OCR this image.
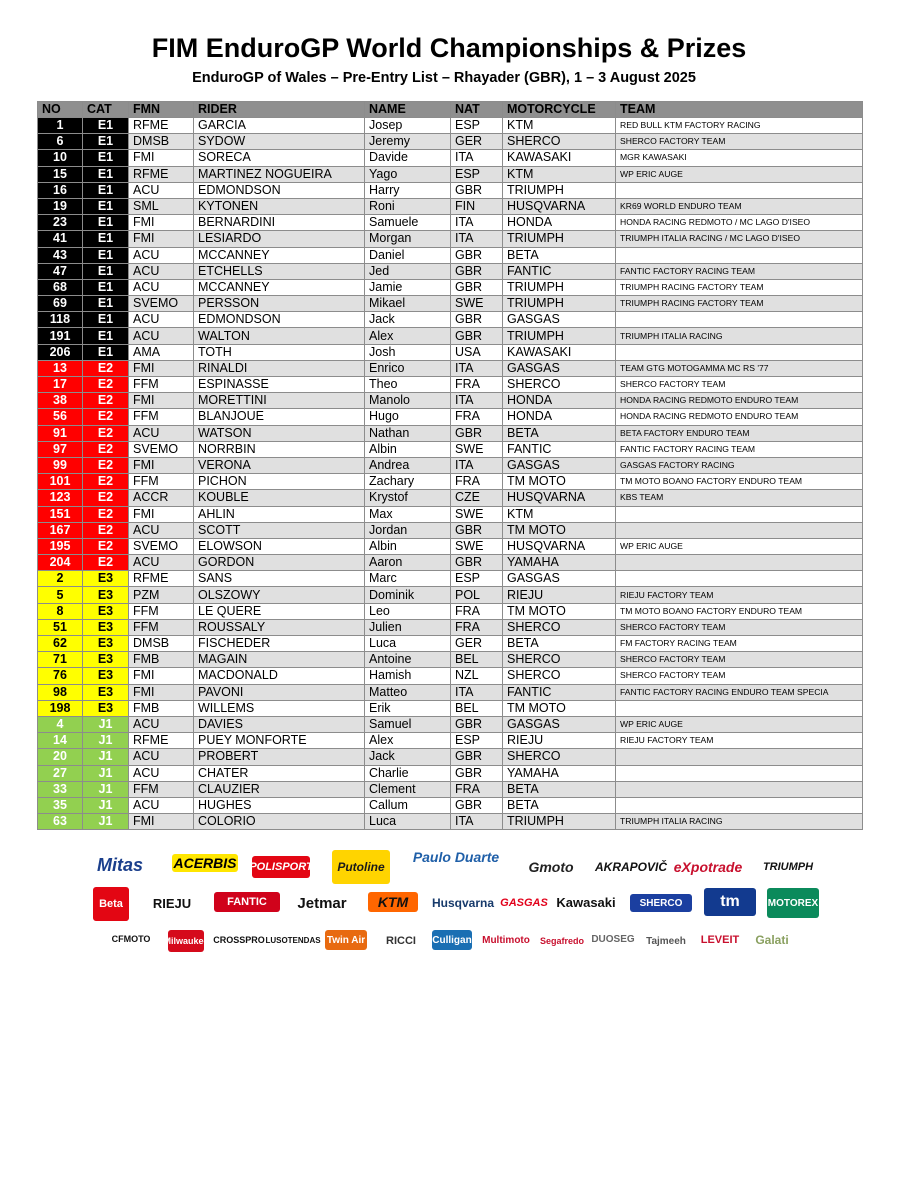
FIM EnduroGP World Championships & Prizes
EnduroGP of Wales – Pre-Entry List – Rhayader (GBR), 1 – 3 August 2025
NO	CAT	FMN	RIDER	NAME	NAT	MOTORCYCLE	TEAM
1	E1	RFME	GARCIA	Josep	ESP	KTM	RED BULL KTM FACTORY RACING
6	E1	DMSB	SYDOW	Jeremy	GER	SHERCO	SHERCO FACTORY TEAM
10	E1	FMI	SORECA	Davide	ITA	KAWASAKI	MGR KAWASAKI
15	E1	RFME	MARTINEZ NOGUEIRA	Yago	ESP	KTM	WP ERIC AUGE
16	E1	ACU	EDMONDSON	Harry	GBR	TRIUMPH	
19	E1	SML	KYTONEN	Roni	FIN	HUSQVARNA	KR69 WORLD ENDURO TEAM
23	E1	FMI	BERNARDINI	Samuele	ITA	HONDA	HONDA RACING REDMOTO / MC LAGO D'ISEO
41	E1	FMI	LESIARDO	Morgan	ITA	TRIUMPH	TRIUMPH ITALIA RACING / MC LAGO D'ISEO
43	E1	ACU	MCCANNEY	Daniel	GBR	BETA	
47	E1	ACU	ETCHELLS	Jed	GBR	FANTIC	FANTIC FACTORY RACING TEAM
68	E1	ACU	MCCANNEY	Jamie	GBR	TRIUMPH	TRIUMPH RACING FACTORY TEAM
69	E1	SVEMO	PERSSON	Mikael	SWE	TRIUMPH	TRIUMPH RACING FACTORY TEAM
118	E1	ACU	EDMONDSON	Jack	GBR	GASGAS	
191	E1	ACU	WALTON	Alex	GBR	TRIUMPH	TRIUMPH ITALIA RACING
206	E1	AMA	TOTH	Josh	USA	KAWASAKI	
13	E2	FMI	RINALDI	Enrico	ITA	GASGAS	TEAM GTG MOTOGAMMA MC RS '77
17	E2	FFM	ESPINASSE	Theo	FRA	SHERCO	SHERCO FACTORY TEAM
38	E2	FMI	MORETTINI	Manolo	ITA	HONDA	HONDA RACING REDMOTO ENDURO TEAM
56	E2	FFM	BLANJOUE	Hugo	FRA	HONDA	HONDA RACING REDMOTO ENDURO TEAM
91	E2	ACU	WATSON	Nathan	GBR	BETA	BETA FACTORY ENDURO TEAM
97	E2	SVEMO	NORRBIN	Albin	SWE	FANTIC	FANTIC FACTORY RACING TEAM
99	E2	FMI	VERONA	Andrea	ITA	GASGAS	GASGAS FACTORY RACING
101	E2	FFM	PICHON	Zachary	FRA	TM MOTO	TM MOTO BOANO FACTORY ENDURO TEAM
123	E2	ACCR	KOUBLE	Krystof	CZE	HUSQVARNA	KBS TEAM
151	E2	FMI	AHLIN	Max	SWE	KTM	
167	E2	ACU	SCOTT	Jordan	GBR	TM MOTO	
195	E2	SVEMO	ELOWSON	Albin	SWE	HUSQVARNA	WP ERIC AUGE
204	E2	ACU	GORDON	Aaron	GBR	YAMAHA	
2	E3	RFME	SANS	Marc	ESP	GASGAS	
5	E3	PZM	OLSZOWY	Dominik	POL	RIEJU	RIEJU FACTORY TEAM
8	E3	FFM	LE QUERE	Leo	FRA	TM MOTO	TM MOTO BOANO FACTORY ENDURO TEAM
51	E3	FFM	ROUSSALY	Julien	FRA	SHERCO	SHERCO FACTORY TEAM
62	E3	DMSB	FISCHEDER	Luca	GER	BETA	FM FACTORY RACING TEAM
71	E3	FMB	MAGAIN	Antoine	BEL	SHERCO	SHERCO FACTORY TEAM
76	E3	FMI	MACDONALD	Hamish	NZL	SHERCO	SHERCO FACTORY TEAM
98	E3	FMI	PAVONI	Matteo	ITA	FANTIC	FANTIC FACTORY RACING ENDURO TEAM SPECIA
198	E3	FMB	WILLEMS	Erik	BEL	TM MOTO	
4	J1	ACU	DAVIES	Samuel	GBR	GASGAS	WP ERIC AUGE
14	J1	RFME	PUEY MONFORTE	Alex	ESP	RIEJU	RIEJU FACTORY TEAM
20	J1	ACU	PROBERT	Jack	GBR	SHERCO	
27	J1	ACU	CHATER	Charlie	GBR	YAMAHA	
33	J1	FFM	CLAUZIER	Clement	FRA	BETA	
35	J1	ACU	HUGHES	Callum	GBR	BETA	
63	J1	FMI	COLORIO	Luca	ITA	TRIUMPH	TRIUMPH ITALIA RACING
Mitas	ACERBIS POLISPORT	Putoline
Paulo Duarte
Gmoto	AKRAPOVIČ eXpotrade	TRIUMPH
Beta	RIEJU	FANTIC	Jetmar	KTM	Husqvarna GASGAS Kawasaki	SHERCO	tm	MOTOREX
CFMOTO	Milwaukee CROSSPRO LUSOTENDAS Twin Air	RICCI	Culligan Multimoto Segafredo DUOSEG Tajmeeh	LEVEIT	Galati
